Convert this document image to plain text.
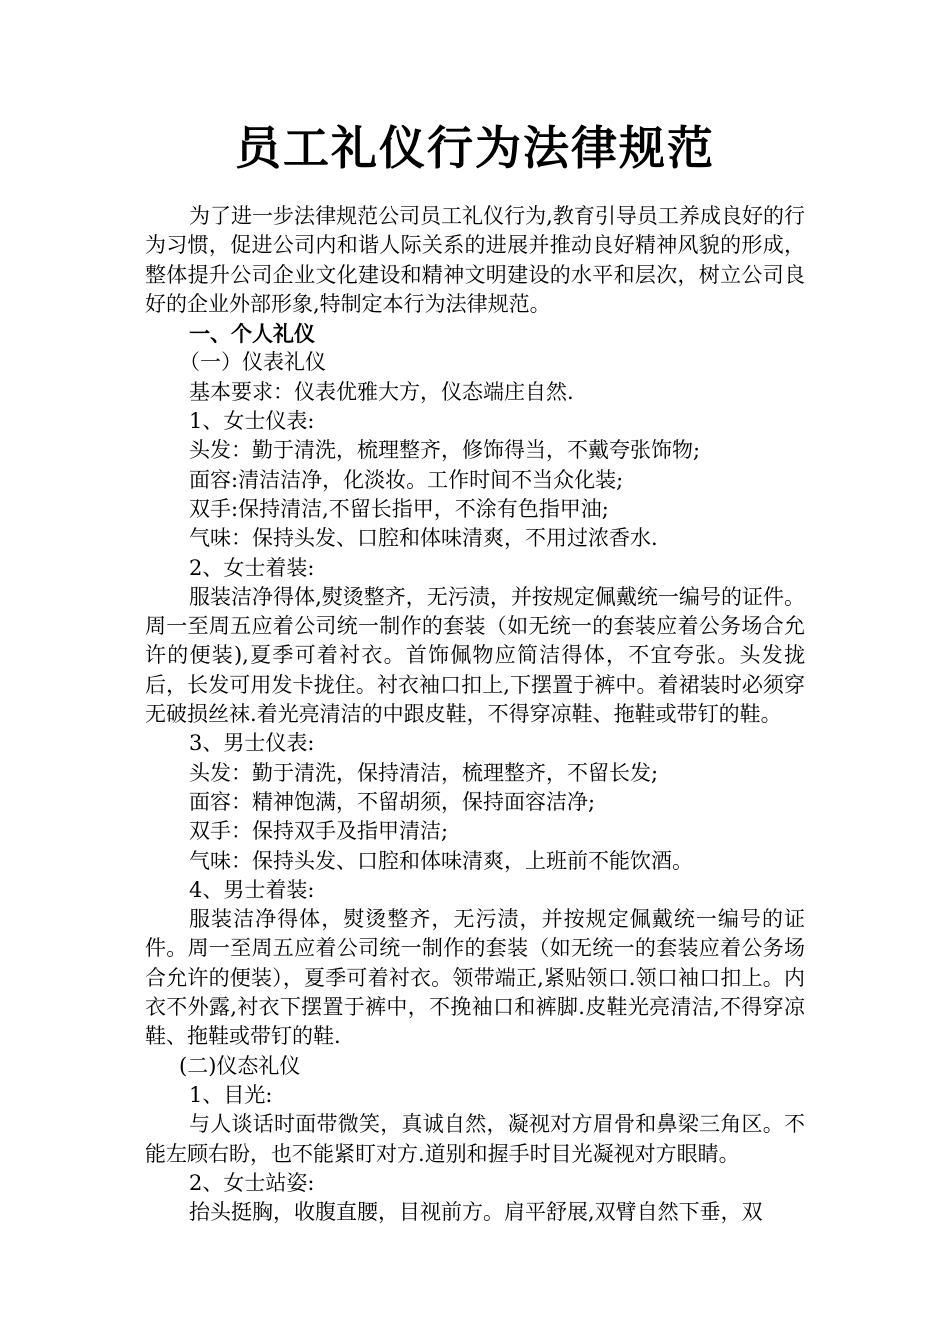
员工礼仪行为法律规范

为了进一步法律规范公司员工礼仪行为,教育引导员工养成良好的行为习惯，促进公司内和谐人际关系的进展并推动良好精神风貌的形成，整体提升公司企业文化建设和精神文明建设的水平和层次，树立公司良好的企业外部形象,特制定本行为法律规范。

一、个人礼仪

（一）仪表礼仪

基本要求：仪表优雅大方，仪态端庄自然.

1、女士仪表:

头发：勤于清洗，梳理整齐，修饰得当，不戴夸张饰物;

面容:清洁洁净，化淡妆。工作时间不当众化装;

双手:保持清洁,不留长指甲，不涂有色指甲油;

气味：保持头发、口腔和体味清爽，不用过浓香水.

2、女士着装:

服装洁净得体,熨烫整齐，无污渍，并按规定佩戴统一编号的证件。周一至周五应着公司统一制作的套装（如无统一的套装应着公务场合允许的便装),夏季可着衬衣。首饰佩物应简洁得体，不宜夸张。头发拢后，长发可用发卡拢住。衬衣袖口扣上,下摆置于裤中。着裙装时必须穿无破损丝袜.着光亮清洁的中跟皮鞋，不得穿凉鞋、拖鞋或带钉的鞋。

3、男士仪表:

头发：勤于清洗，保持清洁，梳理整齐，不留长发;

面容：精神饱满，不留胡须，保持面容洁净;

双手：保持双手及指甲清洁;

气味：保持头发、口腔和体味清爽，上班前不能饮酒。

4、男士着装:

服装洁净得体，熨烫整齐，无污渍，并按规定佩戴统一编号的证件。周一至周五应着公司统一制作的套装（如无统一的套装应着公务场合允许的便装），夏季可着衬衣。领带端正,紧贴领口.领口袖口扣上。内衣不外露,衬衣下摆置于裤中，不挽袖口和裤脚.皮鞋光亮清洁,不得穿凉鞋、拖鞋或带钉的鞋.

(二)仪态礼仪

1、目光:

与人谈话时面带微笑，真诚自然，凝视对方眉骨和鼻梁三角区。不能左顾右盼，也不能紧盯对方.道别和握手时目光凝视对方眼睛。

2、女士站姿:

抬头挺胸，收腹直腰，目视前方。肩平舒展,双臂自然下垂，双
